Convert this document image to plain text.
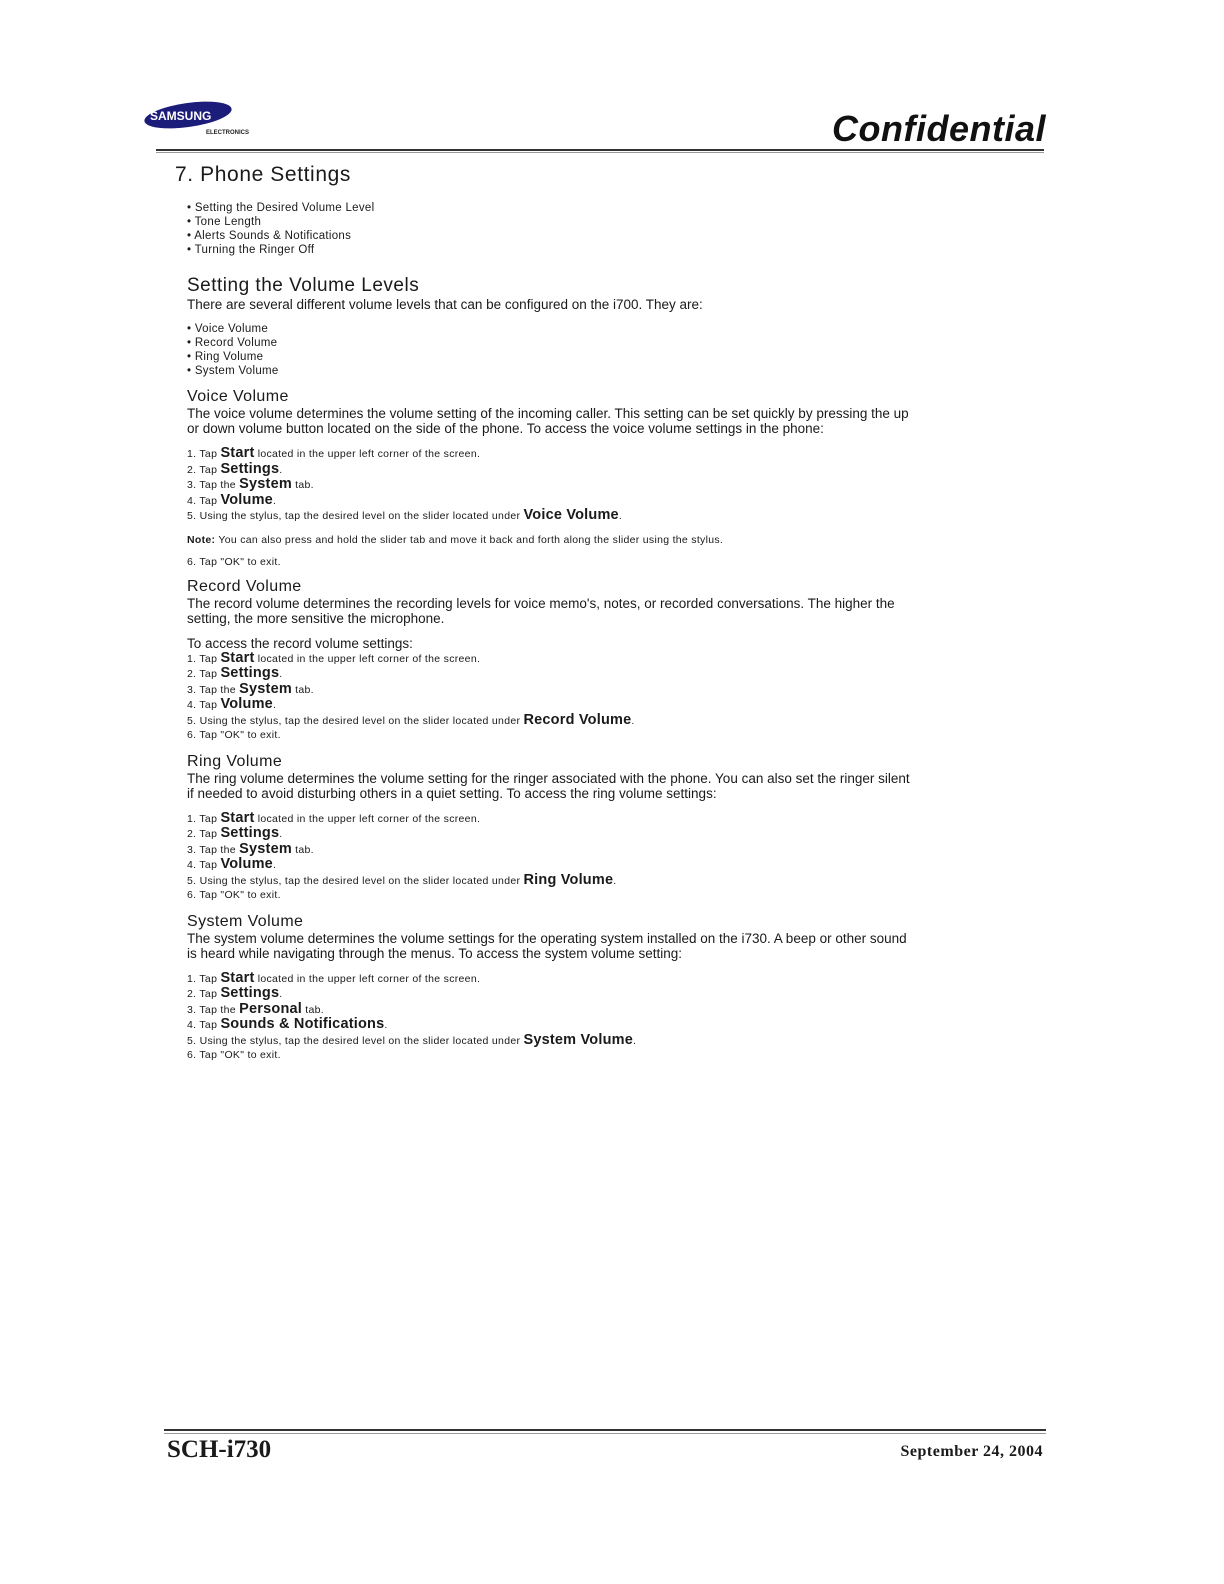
SAMSUNG
ELECTRONICS	Confidential
7. Phone Settings
• Setting the Desired Volume Level
• Tone Length
• Alerts Sounds & Notifications
• Turning the Ringer Off
Setting the Volume Levels

There are several different volume levels that can be configured on the i700. They are:

• Voice Volume
• Record Volume
• Ring Volume
• System Volume
Voice Volume

The voice volume determines the volume setting of the incoming caller. This setting can be set quickly by pressing the up or down volume button located on the side of the phone. To access the voice volume settings in the phone:

1. Tap Start located in the upper left corner of the screen.
2. Tap Settings.
3. Tap the System tab.
4. Tap Volume.
5. Using the stylus, tap the desired level on the slider located under Voice Volume.
Note: You can also press and hold the slider tab and move it back and forth along the slider using the stylus.
6. Tap "OK" to exit.
Record Volume

The record volume determines the recording levels for voice memo's, notes, or recorded conversations. The higher the setting, the more sensitive the microphone.

To access the record volume settings:

1. Tap Start located in the upper left corner of the screen.
2. Tap Settings.
3. Tap the System tab.
4. Tap Volume.
5. Using the stylus, tap the desired level on the slider located under Record Volume.
6. Tap "OK" to exit.
Ring Volume

The ring volume determines the volume setting for the ringer associated with the phone. You can also set the ringer silent if needed to avoid disturbing others in a quiet setting. To access the ring volume settings:

1. Tap Start located in the upper left corner of the screen.
2. Tap Settings.
3. Tap the System tab.
4. Tap Volume.
5. Using the stylus, tap the desired level on the slider located under Ring Volume.
6. Tap "OK" to exit.
System Volume

The system volume determines the volume settings for the operating system installed on the i730. A beep or other sound is heard while navigating through the menus. To access the system volume setting:

1. Tap Start located in the upper left corner of the screen.
2. Tap Settings.
3. Tap the Personal tab.
4. Tap Sounds & Notifications.
5. Using the stylus, tap the desired level on the slider located under System Volume.
6. Tap "OK" to exit.
SCH-i730	September 24, 2004
